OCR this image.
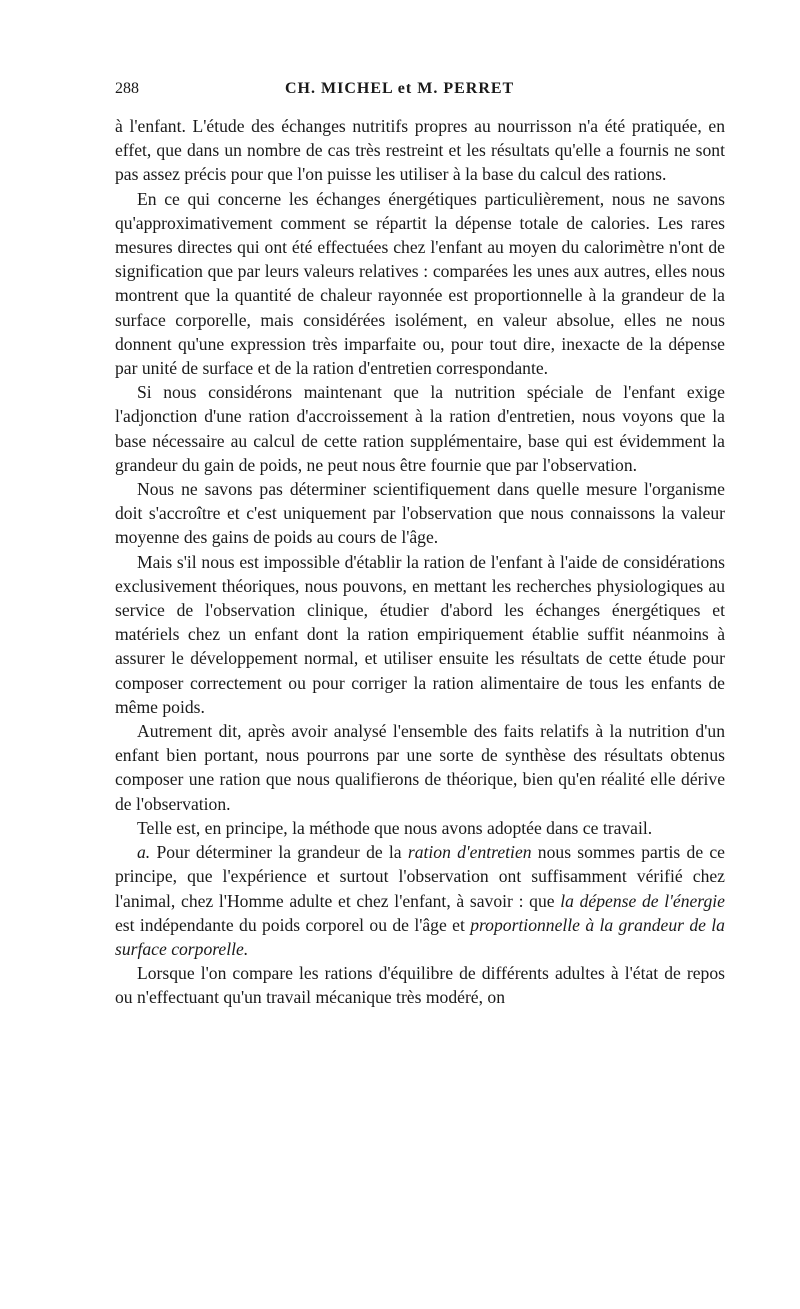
288	CH. MICHEL et M. PERRET

à l'enfant. L'étude des échanges nutritifs propres au nourrisson n'a été pratiquée, en effet, que dans un nombre de cas très restreint et les résultats qu'elle a fournis ne sont pas assez précis pour que l'on puisse les utiliser à la base du calcul des rations.

En ce qui concerne les échanges énergétiques particulièrement, nous ne savons qu'approximativement comment se répartit la dépense totale de calories. Les rares mesures directes qui ont été effectuées chez l'enfant au moyen du calorimètre n'ont de signification que par leurs valeurs relatives : comparées les unes aux autres, elles nous montrent que la quantité de chaleur rayonnée est proportionnelle à la grandeur de la surface corporelle, mais considérées isolément, en valeur absolue, elles ne nous donnent qu'une expression très imparfaite ou, pour tout dire, inexacte de la dépense par unité de surface et de la ration d'entretien correspondante.

Si nous considérons maintenant que la nutrition spéciale de l'enfant exige l'adjonction d'une ration d'accroissement à la ration d'entretien, nous voyons que la base nécessaire au calcul de cette ration supplémentaire, base qui est évidemment la grandeur du gain de poids, ne peut nous être fournie que par l'observation.

Nous ne savons pas déterminer scientifiquement dans quelle mesure l'organisme doit s'accroître et c'est uniquement par l'observation que nous connaissons la valeur moyenne des gains de poids au cours de l'âge.

Mais s'il nous est impossible d'établir la ration de l'enfant à l'aide de considérations exclusivement théoriques, nous pouvons, en mettant les recherches physiologiques au service de l'observation clinique, étudier d'abord les échanges énergétiques et matériels chez un enfant dont la ration empiriquement établie suffit néanmoins à assurer le développement normal, et utiliser ensuite les résultats de cette étude pour composer correctement ou pour corriger la ration alimentaire de tous les enfants de même poids.

Autrement dit, après avoir analysé l'ensemble des faits relatifs à la nutrition d'un enfant bien portant, nous pourrons par une sorte de synthèse des résultats obtenus composer une ration que nous qualifierons de théorique, bien qu'en réalité elle dérive de l'observation.

Telle est, en principe, la méthode que nous avons adoptée dans ce travail.

a. Pour déterminer la grandeur de la ration d'entretien nous sommes partis de ce principe, que l'expérience et surtout l'observation ont suffisamment vérifié chez l'animal, chez l'Homme adulte et chez l'enfant, à savoir : que la dépense de l'énergie est indépendante du poids corporel ou de l'âge et proportionnelle à la grandeur de la surface corporelle.

Lorsque l'on compare les rations d'équilibre de différents adultes à l'état de repos ou n'effectuant qu'un travail mécanique très modéré, on
